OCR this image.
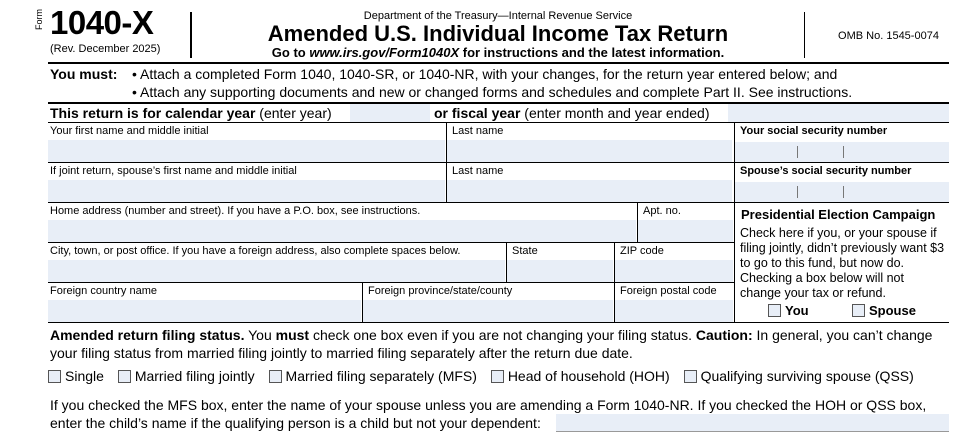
Form 1040-X
(Rev. December 2025)
Department of the Treasury—Internal Revenue Service
Amended U.S. Individual Income Tax Return
Go to www.irs.gov/Form1040X for instructions and the latest information.
OMB No. 1545-0074
You must: • Attach a completed Form 1040, 1040-SR, or 1040-NR, with your changes, for the return year entered below; and
• Attach any supporting documents and new or changed forms and schedules and complete Part II. See instructions.
This return is for calendar year (enter year)	or fiscal year (enter month and year ended)
Your first name and middle initial	Last name	Your social security number
If joint return, spouse’s first name and middle initial	Last name	Spouse’s social security number
Home address (number and street). If you have a P.O. box, see instructions.	Apt. no.
City, town, or post office. If you have a foreign address, also complete spaces below.	State	ZIP code
Foreign country name	Foreign province/state/county	Foreign postal code
Presidential Election Campaign
Check here if you, or your spouse if filing jointly, didn’t previously want $3 to go to this fund, but now do. Checking a box below will not change your tax or refund.
You	Spouse
Amended return filing status. You must check one box even if you are not changing your filing status. Caution: In general, you can’t change your filing status from married filing jointly to married filing separately after the return due date.
Single Married filing jointly Married filing separately (MFS) Head of household (HOH) Qualifying surviving spouse (QSS)
If you checked the MFS box, enter the name of your spouse unless you are amending a Form 1040-NR. If you checked the HOH or QSS box, enter the child’s name if the qualifying person is a child but not your dependent:
